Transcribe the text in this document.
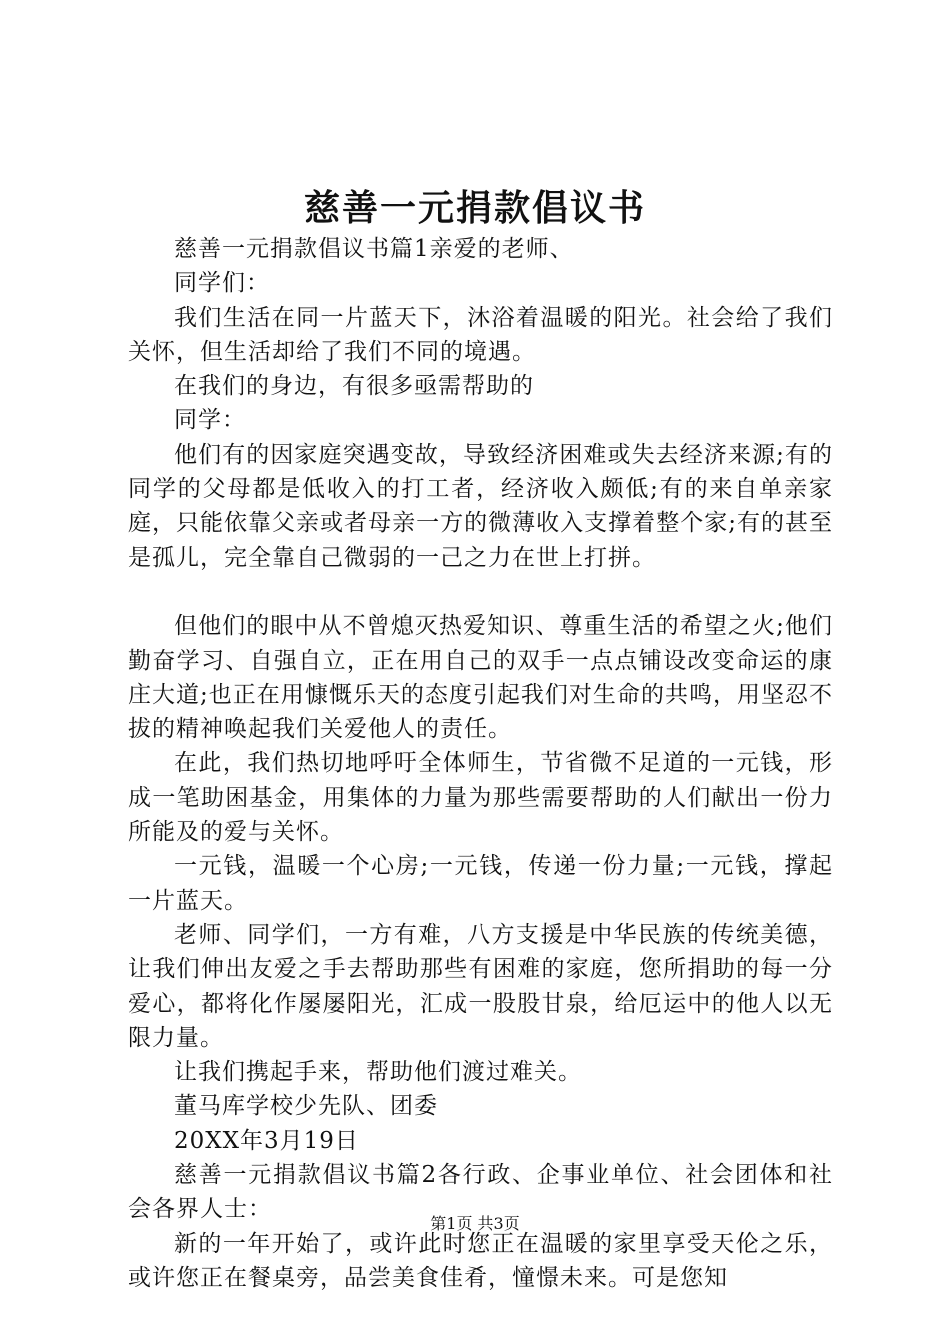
慈善一元捐款倡议书

慈善一元捐款倡议书篇1亲爱的老师、

同学们：

我们生活在同一片蓝天下，沐浴着温暖的阳光。社会给了我们关怀，但生活却给了我们不同的境遇。

在我们的身边，有很多亟需帮助的

同学：

他们有的因家庭突遇变故，导致经济困难或失去经济来源;有的同学的父母都是低收入的打工者，经济收入颇低;有的来自单亲家庭，只能依靠父亲或者母亲一方的微薄收入支撑着整个家;有的甚至是孤儿，完全靠自己微弱的一己之力在世上打拼。

但他们的眼中从不曾熄灭热爱知识、尊重生活的希望之火;他们勤奋学习、自强自立，正在用自己的双手一点点铺设改变命运的康庄大道;也正在用慷慨乐天的态度引起我们对生命的共鸣，用坚忍不拔的精神唤起我们关爱他人的责任。

在此，我们热切地呼吁全体师生，节省微不足道的一元钱，形成一笔助困基金，用集体的力量为那些需要帮助的人们献出一份力所能及的爱与关怀。

一元钱，温暖一个心房;一元钱，传递一份力量;一元钱，撑起一片蓝天。

老师、同学们，一方有难，八方支援是中华民族的传统美德，让我们伸出友爱之手去帮助那些有困难的家庭，您所捐助的每一分爱心，都将化作屡屡阳光，汇成一股股甘泉，给厄运中的他人以无限力量。

让我们携起手来，帮助他们渡过难关。

董马库学校少先队、团委

20XX年3月19日

慈善一元捐款倡议书篇2各行政、企事业单位、社会团体和社会各界人士：

新的一年开始了，或许此时您正在温暖的家里享受天伦之乐，或许您正在餐桌旁，品尝美食佳肴，憧憬未来。可是您知

第1页 共3页
